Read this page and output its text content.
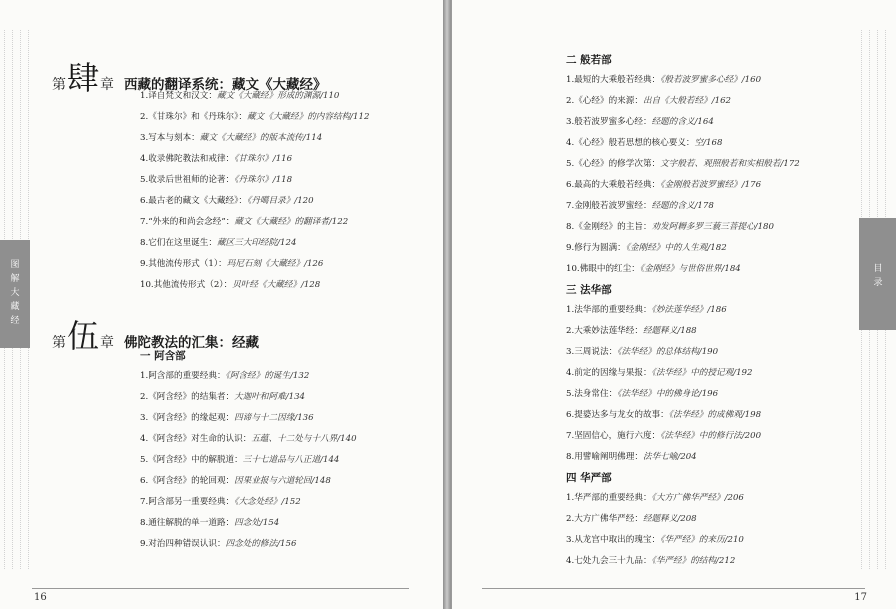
图解大藏经
第 肆 章 西藏的翻译系统：藏文《大藏经》
1.译自梵文和汉文：藏文《大藏经》形成的渊源/110
2.《甘珠尔》和《丹珠尔》：藏文《大藏经》的内容结构/112
3.写本与刻本：藏文《大藏经》的版本流传/114
4.收录佛陀教法和戒律：《甘珠尔》/116
5.收录后世祖师的论著：《丹珠尔》/118
6.最古老的藏文《大藏经》：《丹噶目录》/120
7.“外来的和尚会念经”：藏文《大藏经》的翻译者/122
8.它们在这里诞生：藏区三大印经院/124
9.其他流传形式（1）：玛尼石刻《大藏经》/126
10.其他流传形式（2）：贝叶经《大藏经》/128
第 伍 章 佛陀教法的汇集：经藏
一 阿含部
1.阿含部的重要经典：《阿含经》的诞生/132
2.《阿含经》的结集者：大迦叶和阿难/134
3.《阿含经》的缘起观：四谛与十二因缘/136
4.《阿含经》对生命的认识：五蕴、十二处与十八界/140
5.《阿含经》中的解脱道：三十七道品与八正道/144
6.《阿含经》的轮回观：因果业报与六道轮回/148
7.阿含部另一重要经典：《大念处经》/152
8.通往解脱的单一道路：四念处/154
9.对治四种错误认识：四念处的修法/156
16
目录
二 般若部
1.最短的大乘般若经典：《般若波罗蜜多心经》/160
2.《心经》的来源：出自《大般若经》/162
3.般若波罗蜜多心经：经题的含义/164
4.《心经》般若思想的核心要义：空/168
5.《心经》的修学次第：文字般若、观照般若和实相般若/172
6.最高的大乘般若经典：《金刚般若波罗蜜经》/176
7.金刚般若波罗蜜经：经题的含义/178
8.《金刚经》的主旨：劝发阿耨多罗三藐三菩提心/180
9.修行为圆满：《金刚经》中的人生观/182
10.佛眼中的红尘：《金刚经》与世俗世界/184
三 法华部
1.法华部的重要经典：《妙法莲华经》/186
2.大乘妙法莲华经：经题释义/188
3.三周说法：《法华经》的总体结构/190
4.前定的因缘与果报：《法华经》中的授记观/192
5.法身常住：《法华经》中的佛身论/196
6.提婆达多与龙女的故事：《法华经》的成佛观/198
7.坚固信心，施行六度：《法华经》中的修行法/200
8.用譬喻阐明佛理：法华七喻/204
四 华严部
1.华严部的重要经典：《大方广佛华严经》/206
2.大方广佛华严经：经题释义/208
3.从龙宫中取出的瑰宝：《华严经》的来历/210
4.七处九会三十九品：《华严经》的结构/212
17
